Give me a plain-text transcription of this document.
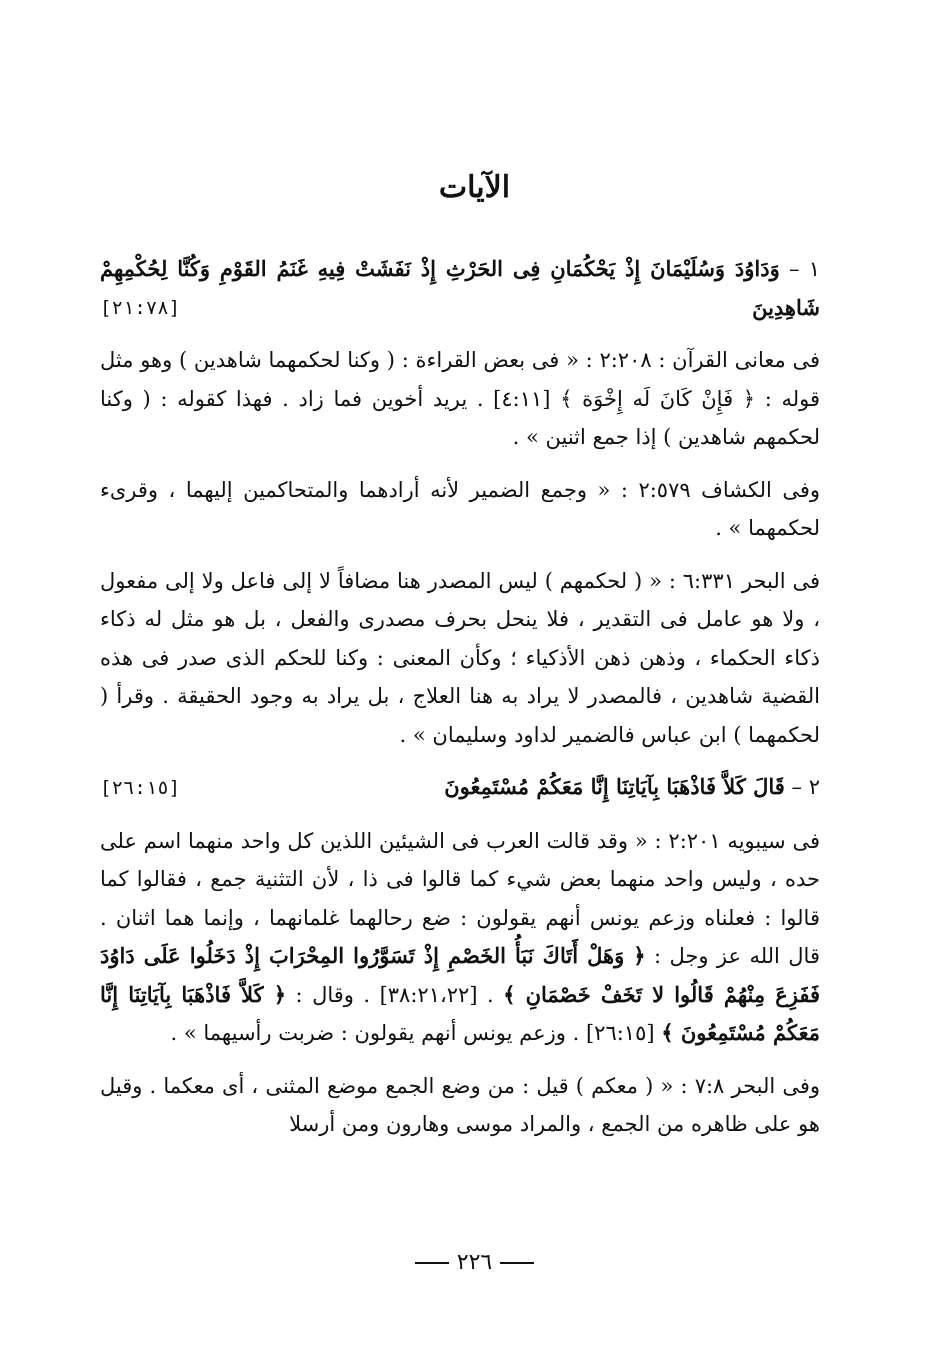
الآيات
١ – وَدَاوُدَ وَسُلَيْمَانَ إِذْ يَحْكُمَانِ فِى الحَرْثِ إِذْ نَفَشَتْ فِيهِ غَنَمُ القَوْمِ وَكُنَّا لِحُكْمِهِمْ شَاهِدِينَ
[٢١:٧٨]

فى معانى القرآن : ٢:٢٠٨ : « فى بعض القراءة : ( وكنا لحكمهما شاهدين ) وهو مثل قوله : ﴿ فَإِنْ كَانَ لَه إِخْوَة ﴾ [٤:١١] . يريد أخوين فما زاد . فهذا كقوله : ( وكنا لحكمهم شاهدين ) إذا جمع اثنين » .

وفى الكشاف ٢:٥٧٩ : « وجمع الضمير لأنه أرادهما والمتحاكمين إليهما ، وقرىء لحكمهما » .

فى البحر ٦:٣٣١ : « ( لحكمهم ) ليس المصدر هنا مضافاً لا إلى فاعل ولا إلى مفعول ، ولا هو عامل فى التقدير ، فلا ينحل بحرف مصدرى والفعل ، بل هو مثل له ذكاء ذكاء الحكماء ، وذهن ذهن الأذكياء ؛ وكأن المعنى : وكنا للحكم الذى صدر فى هذه القضية شاهدين ، فالمصدر لا يراد به هنا العلاج ، بل يراد به وجود الحقيقة . وقرأ ( لحكمهما ) ابن عباس فالضمير لداود وسليمان » .

٢ – قَالَ كَلاَّ فَاذْهَبَا بِآيَاتِنَا إِنَّا مَعَكُمْ مُسْتَمِعُونَ
[٢٦:١٥]

فى سيبويه ٢:٢٠١ : « وقد قالت العرب فى الشيئين اللذين كل واحد منهما اسم على حده ، وليس واحد منهما بعض شيء كما قالوا فى ذا ، لأن التثنية جمع ، فقالوا كما قالوا : فعلناه وزعم يونس أنهم يقولون : ضع رحالهما غلمانهما ، وإنما هما اثنان . قال الله عز وجل : ﴿ وَهَلْ أَتَاكَ نَبَأُ الخَصْمِ إِذْ تَسَوَّرُوا المِحْرَابَ إِذْ دَخَلُوا عَلَى دَاوُدَ فَفَزِعَ مِنْهُمْ قَالُوا لا تَخَفْ خَصْمَانِ ﴾ . [٣٨:٢١،٢٢] . وقال : ﴿ كَلاَّ فَاذْهَبَا بِآيَاتِنَا إِنَّا مَعَكُمْ مُسْتَمِعُونَ ﴾ [٢٦:١٥] . وزعم يونس أنهم يقولون : ضربت رأسيهما » .

وفى البحر ٧:٨ : « ( معكم ) قيل : من وضع الجمع موضع المثنى ، أى معكما . وقيل هو على ظاهره من الجمع ، والمراد موسى وهارون ومن أرسلا

٢٢٦
